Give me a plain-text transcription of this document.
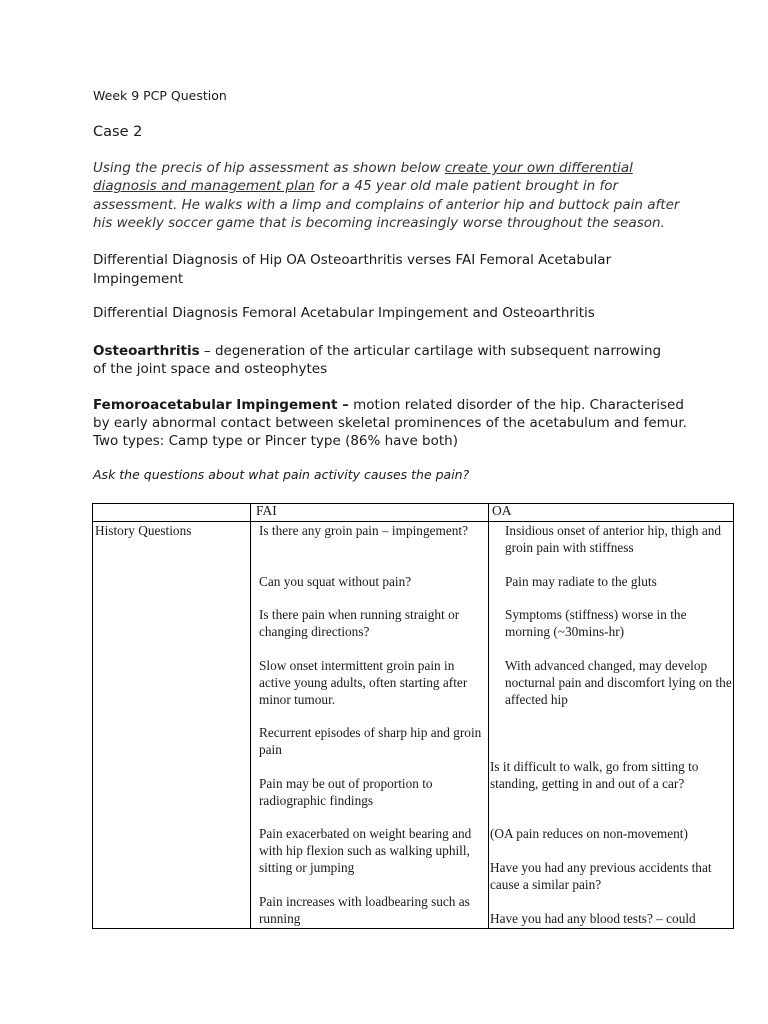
Week 9 PCP Question
Case 2
Using the precis of hip assessment as shown below create your own differential diagnosis and management plan for a 45 year old male patient brought in for assessment. He walks with a limp and complains of anterior hip and buttock pain after his weekly soccer game that is becoming increasingly worse throughout the season.
Differential Diagnosis of Hip OA Osteoarthritis verses FAI Femoral Acetabular Impingement
Differential Diagnosis Femoral Acetabular Impingement and Osteoarthritis
Osteoarthritis – degeneration of the articular cartilage with subsequent narrowing of the joint space and osteophytes
Femoroacetabular Impingement – motion related disorder of the hip. Characterised by early abnormal contact between skeletal prominences of the acetabulum and femur. Two types: Camp type or Pincer type (86% have both)
Ask the questions about what pain activity causes the pain?
FAI	OA
History Questions	Is there any groin pain – impingement?
Can you squat without pain?
Is there pain when running straight or changing directions?
Slow onset intermittent groin pain in active young adults, often starting after minor tumour.
Recurrent episodes of sharp hip and groin pain
Pain may be out of proportion to radiographic findings
Pain exacerbated on weight bearing and with hip flexion such as walking uphill, sitting or jumping
Pain increases with loadbearing such as running
Insidious onset of anterior hip, thigh and groin pain with stiffness
Pain may radiate to the gluts
Symptoms (stiffness) worse in the morning (~30mins-hr)
With advanced changed, may develop nocturnal pain and discomfort lying on the affected hip
Is it difficult to walk, go from sitting to standing, getting in and out of a car?
(OA pain reduces on non-movement)
Have you had any previous accidents that cause a similar pain?
Have you had any blood tests? – could
